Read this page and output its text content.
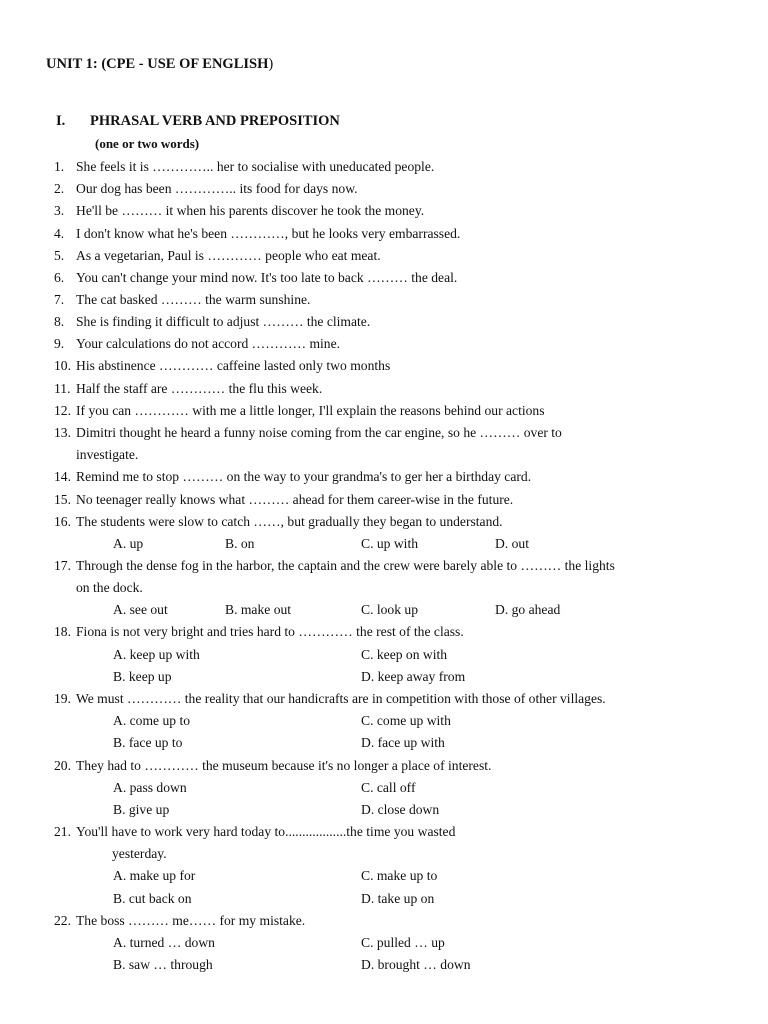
UNIT 1: (CPE - USE OF ENGLISH)
I. PHRASAL VERB AND PREPOSITION
(one or two words)
1. She feels it is ………….. her to socialise with uneducated people.
2. Our dog has been ………….. its food for days now.
3. He'll be ……… it when his parents discover he took the money.
4. I don't know what he's been …………, but he looks very embarrassed.
5. As a vegetarian, Paul is ………… people who eat meat.
6. You can't change your mind now. It's too late to back ……… the deal.
7. The cat basked ……… the warm sunshine.
8. She is finding it difficult to adjust ……… the climate.
9. Your calculations do not accord ………… mine.
10. His abstinence ………… caffeine lasted only two months
11. Half the staff are ………… the flu this week.
12. If you can ………… with me a little longer, I'll explain the reasons behind our actions
13. Dimitri thought he heard a funny noise coming from the car engine, so he ……… over to
investigate.
14. Remind me to stop ……… on the way to your grandma's to ger her a birthday card.
15. No teenager really knows what ……… ahead for them career-wise in the future.
16. The students were slow to catch ……, but gradually they began to understand.
A. up	B. on	C. up with	D. out
17. Through the dense fog in the harbor, the captain and the crew were barely able to ……… the lights
on the dock.
A. see out	B. make out	C. look up	D. go ahead
18. Fiona is not very bright and tries hard to ………… the rest of the class.
A. keep up with	C. keep on with
B. keep up	D. keep away from
19. We must ………… the reality that our handicrafts are in competition with those of other villages.
A. come up to	C. come up with
B. face up to	D. face up with
20. They had to ………… the museum because it's no longer a place of interest.
A. pass down	C. call off
B. give up	D. close down
21. You'll have to work very hard today to..................the time you wasted
yesterday.
A. make up for	C. make up to
B. cut back on	D. take up on
22. The boss ……… me…… for my mistake.
A. turned … down	C. pulled … up
B. saw … through	D. brought … down
